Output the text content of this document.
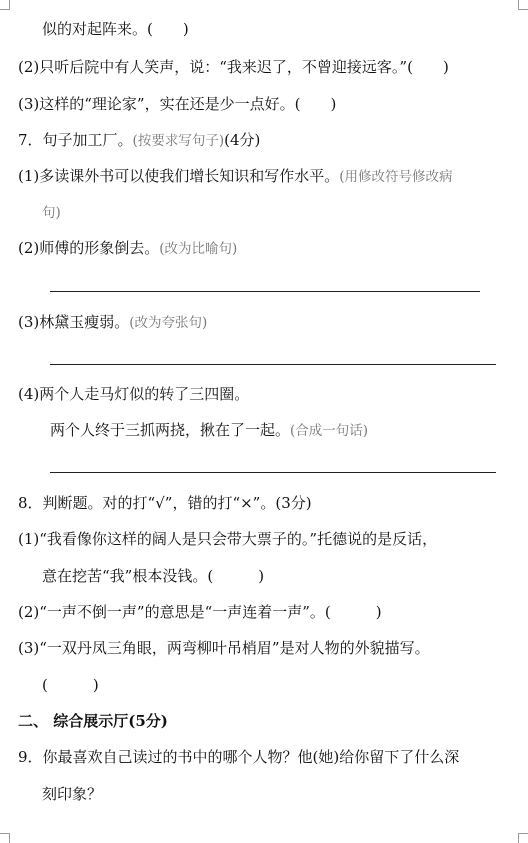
似的对起阵来。(　　)
(2)只听后院中有人笑声，说：“我来迟了，不曾迎接远客。”(　　)
(3)这样的“理论家”，实在还是少一点好。(　　)
7．句子加工厂。(按要求写句子)(4分)
(1)多读课外书可以使我们增长知识和写作水平。(用修改符号修改病
句)
(2)师傅的形象倒去。(改为比喻句)
(3)林黛玉瘦弱。(改为夸张句)
(4)两个人走马灯似的转了三四圈。
两个人终于三抓两挠，揪在了一起。(合成一句话)
8．判断题。对的打“√”，错的打“×”。(3分)
(1)“我看像你这样的阔人是只会带大票子的。”托德说的是反话，
意在挖苦“我”根本没钱。(　　　)
(2)“一声不倒一声”的意思是“一声连着一声”。(　　　)
(3)“一双丹凤三角眼，两弯柳叶吊梢眉”是对人物的外貌描写。
(　　　)
二、 综合展示厅(5分)
9．你最喜欢自己读过的书中的哪个人物？他(她)给你留下了什么深
刻印象？
